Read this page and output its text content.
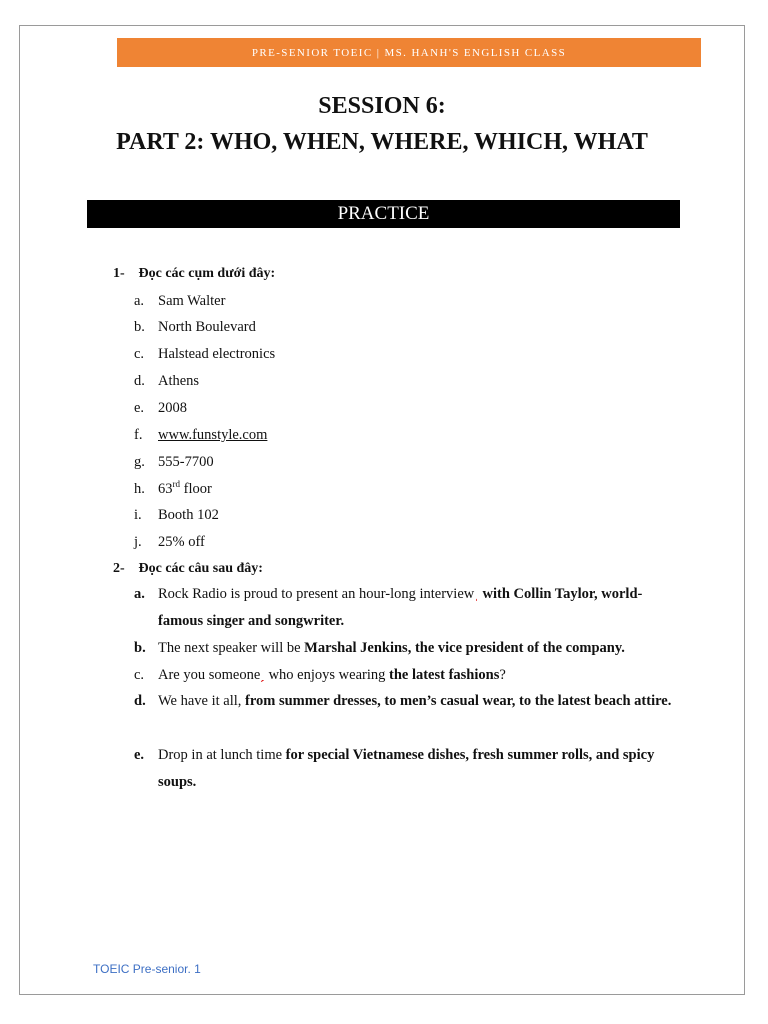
PRE-SENIOR TOEIC | MS. HANH'S ENGLISH CLASS
SESSION 6:
PART 2: WHO, WHEN, WHERE, WHICH, WHAT
PRACTICE
1- Đọc các cụm dưới đây:
a. Sam Walter
b. North Boulevard
c. Halstead electronics
d. Athens
e. 2008
f.	www.funstyle.com
g. 555-7700
h. 63rd floor
i.	Booth 102
j.	25% off
2- Đọc các câu sau đây:
a. Rock Radio is proud to present an hour-long interviewˌ with Collin Taylor, world-famous singer and songwriter.
b. The next speaker will be Marshal Jenkins, the vice president of the company.
c. Are you someoneˏ who enjoys wearing the latest fashions?
d. We have it all, from summer dresses, to men’s casual wear, to the latest beach attire.
e. Drop in at lunch time for special Vietnamese dishes, fresh summer rolls, and spicy soups.
TOEIC Pre-senior. 1
